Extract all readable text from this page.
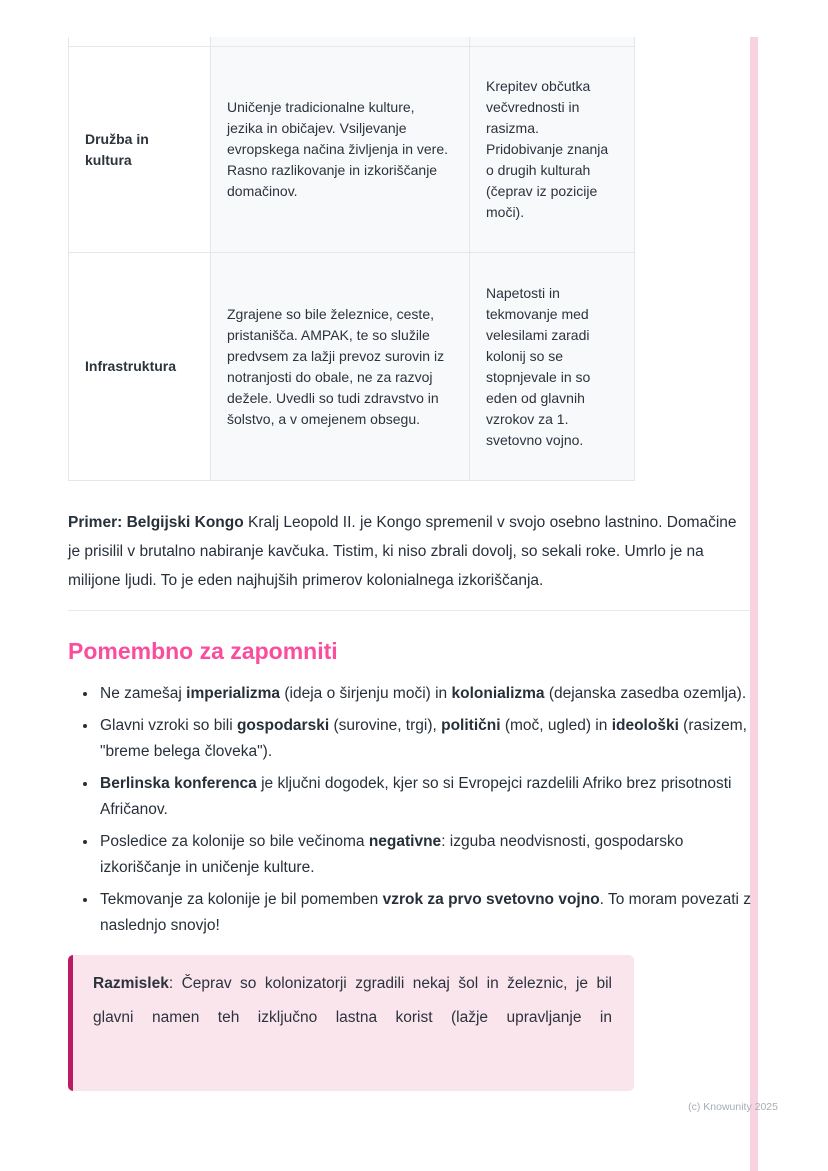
Družba in kultura	Uničenje tradicionalne kulture, jezika in običajev. Vsiljevanje evropskega načina življenja in vere. Rasno razlikovanje in izkoriščanje domačinov.	Krepitev občutka večvrednosti in rasizma. Pridobivanje znanja o drugih kulturah (čeprav iz pozicije moči).
Infrastruktura	Zgrajene so bile železnice, ceste, pristanišča. AMPAK, te so služile predvsem za lažji prevoz surovin iz notranjosti do obale, ne za razvoj dežele. Uvedli so tudi zdravstvo in šolstvo, a v omejenem obsegu.	Napetosti in tekmovanje med velesilami zaradi kolonij so se stopnjevale in so eden od glavnih vzrokov za 1. svetovno vojno.

Primer: Belgijski Kongo Kralj Leopold II. je Kongo spremenil v svojo osebno lastnino. Domačine je prisilil v brutalno nabiranje kavčuka. Tistim, ki niso zbrali dovolj, so sekali roke. Umrlo je na milijone ljudi. To je eden najhujših primerov kolonialnega izkoriščanja.

Pomembno za zapomniti
• Ne zamešaj imperializma (ideja o širjenju moči) in kolonializma (dejanska zasedba ozemlja).
• Glavni vzroki so bili gospodarski (surovine, trgi), politični (moč, ugled) in ideološki (rasizem, "breme belega človeka").
• Berlinska konferenca je ključni dogodek, kjer so si Evropejci razdelili Afriko brez prisotnosti Afričanov.
• Posledice za kolonije so bile večinoma negativne: izguba neodvisnosti, gospodarsko izkoriščanje in uničenje kulture.
• Tekmovanje za kolonije je bil pomemben vzrok za prvo svetovno vojno. To moram povezati z naslednjo snovjo!

Razmislek: Čeprav so kolonizatorji zgradili nekaj šol in železnic, je bil glavni namen teh izključno lastna korist (lažje upravljanje in

(c) Knowunity 2025
